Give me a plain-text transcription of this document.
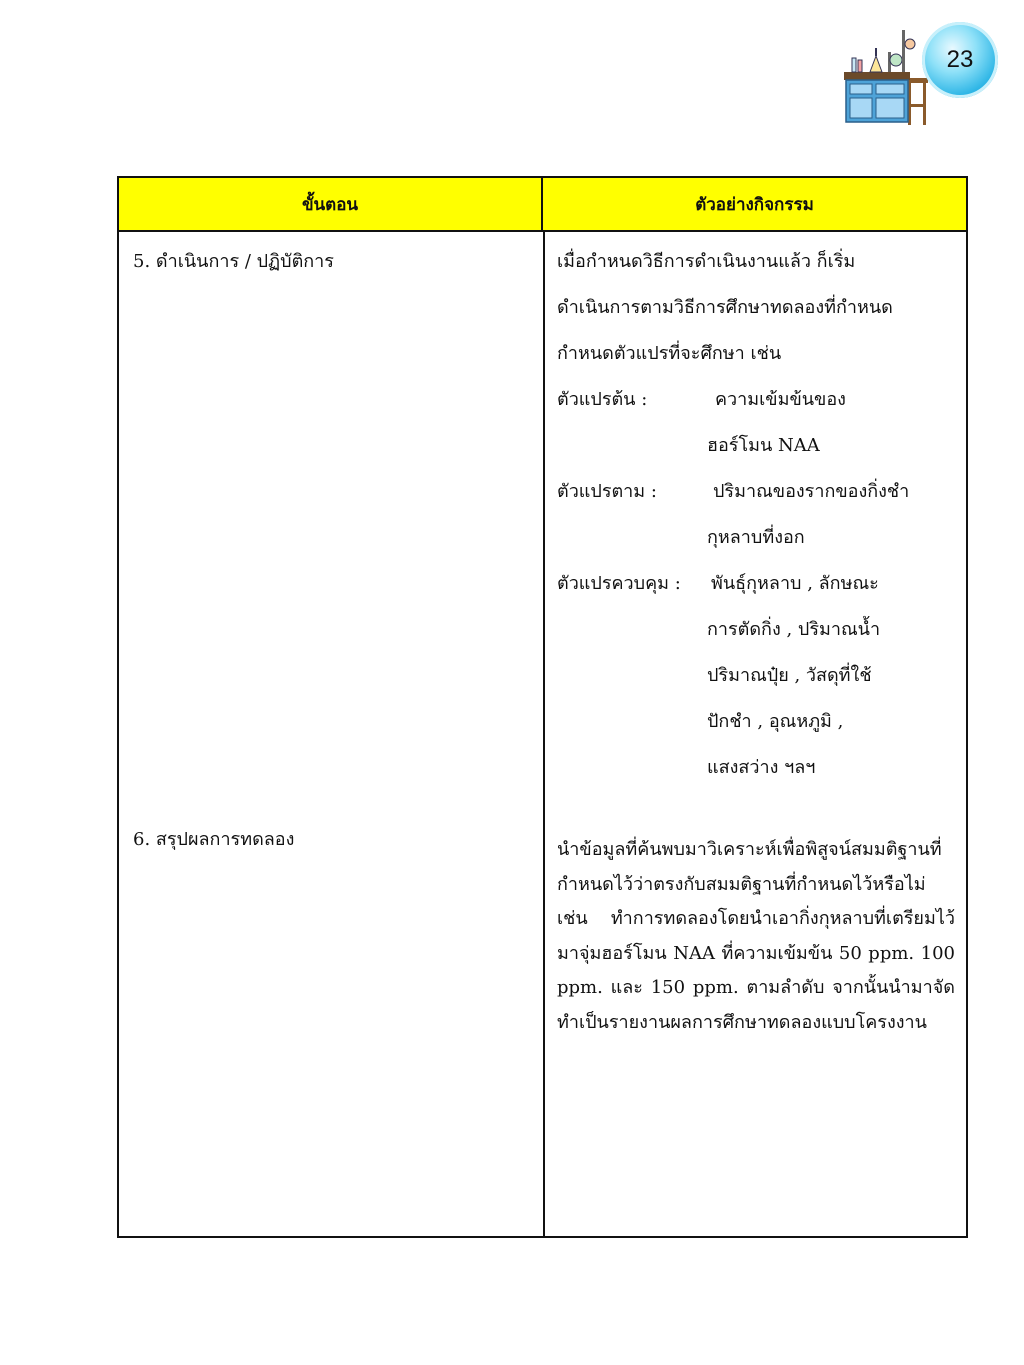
23
ขั้นตอน	ตัวอย่างกิจกรรม
5. ดำเนินการ / ปฏิบัติการ	เมื่อกำหนดวิธีการดำเนินงานแล้ว ก็เริ่ม
ดำเนินการตามวิธีการศึกษาทดลองที่กำหนด
กำหนดตัวแปรที่จะศึกษา เช่น
ตัวแปรต้น :	ความเข้มข้นของ
ฮอร์โมน NAA
ตัวแปรตาม :	ปริมาณของรากของกิ่งชำ
กุหลาบที่งอก
ตัวแปรควบคุม : พันธุ์กุหลาบ , ลักษณะ
การตัดกิ่ง , ปริมาณน้ำ
ปริมาณปุ๋ย , วัสดุที่ใช้
ปักชำ , อุณหภูมิ ,
แสงสว่าง ฯลฯ
6. สรุปผลการทดลอง	นำข้อมูลที่ค้นพบมาวิเคราะห์เพื่อพิสูจน์สมมติฐานที่กำหนดไว้ว่าตรงกับสมมติฐานที่กำหนดไว้หรือไม่ เช่น ทำการทดลองโดยนำเอากิ่งกุหลาบที่เตรียมไว้มาจุ่มฮอร์โมน NAA ที่ความเข้มข้น 50 ppm. 100 ppm. และ 150 ppm. ตามลำดับ จากนั้นนำมาจัดทำเป็นรายงานผลการศึกษาทดลองแบบโครงงาน
